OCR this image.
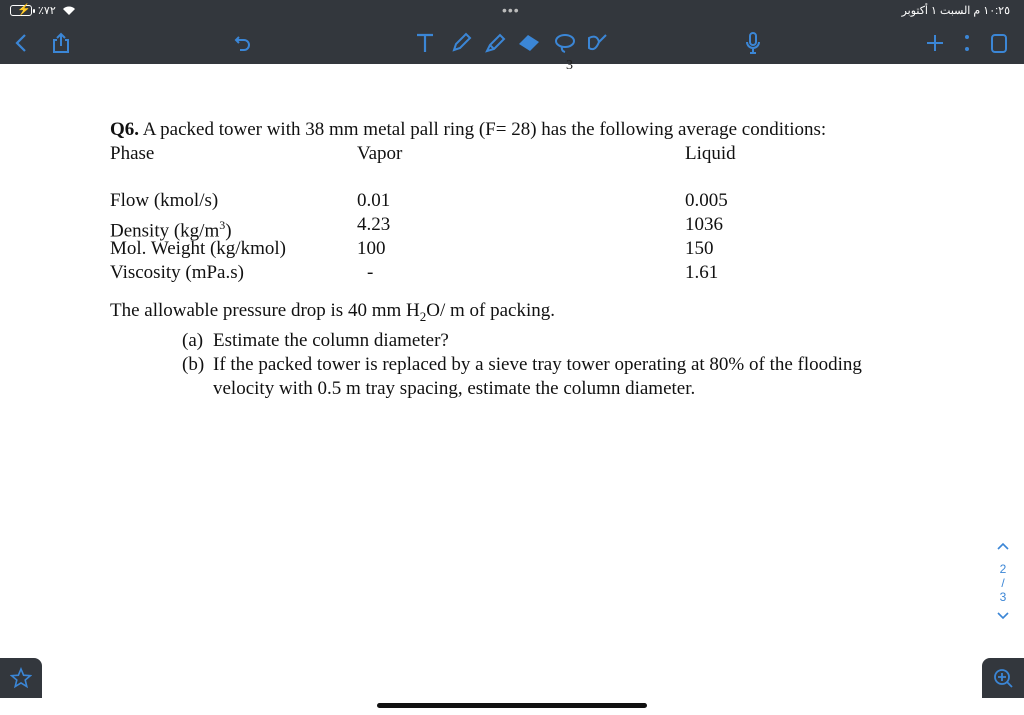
⚡ ٪٧٢	•••	١٠:٢٥ م السبت ١ أكتوبر
3
Q6. A packed tower with 38 mm metal pall ring (F= 28) has the following average conditions:
Phase	Vapor	Liquid
Flow (kmol/s)	0.01	0.005
Density $(kg/m^3)$	4.23	1036
Mol. Weight (kg/kmol)	100	150
Viscosity (mPa.s)	-	1.61
The allowable pressure drop is 40 mm $H_2O/$ m of packing.
(a) Estimate the column diameter?
(b) If the packed tower is replaced by a sieve tray tower operating at 80% of the flooding
velocity with 0.5 m tray spacing, estimate the column diameter.
2
/
3
